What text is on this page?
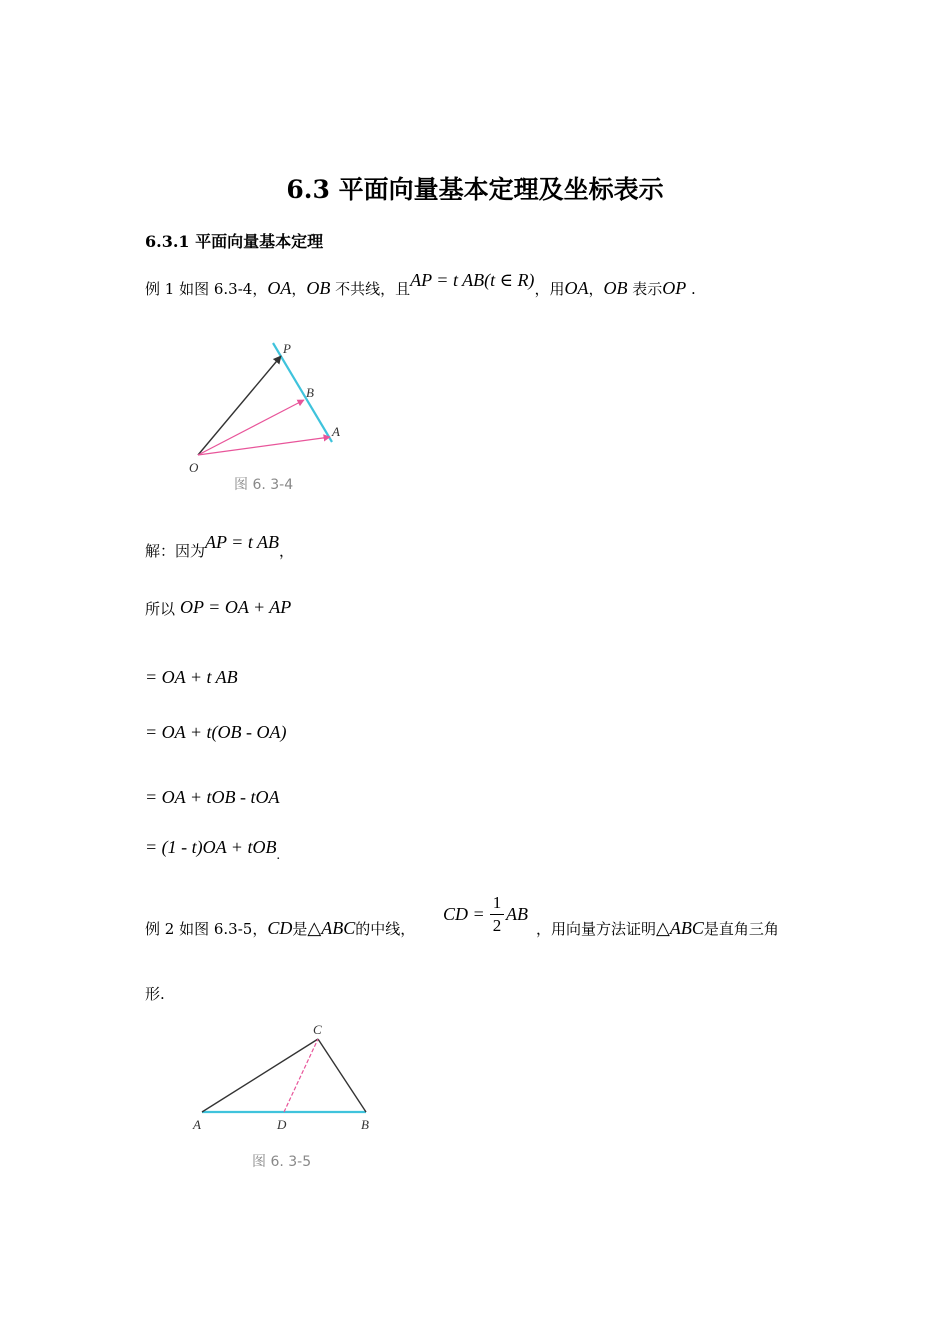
6.3 平面向量基本定理及坐标表示
6.3.1 平面向量基本定理
例 1 如图 6.3-4，OA，OB 不共线，且AP = t AB(t ∈ R)，用OA，OB 表示OP .
P
B
A
O
图 6. 3-4
解：因为AP = t AB，
所以 OP = OA + AP
= OA + t AB
= OA + t(OB - OA)
= OA + tOB - tOA
= (1 - t)OA + tOB$_.$
例 2 如图 6.3-5，CD是△ABC的中线，
CD =
1
2
AB
，用向量方法证明△ABC是直角三角
形.
C
A	D	B
图 6. 3-5
